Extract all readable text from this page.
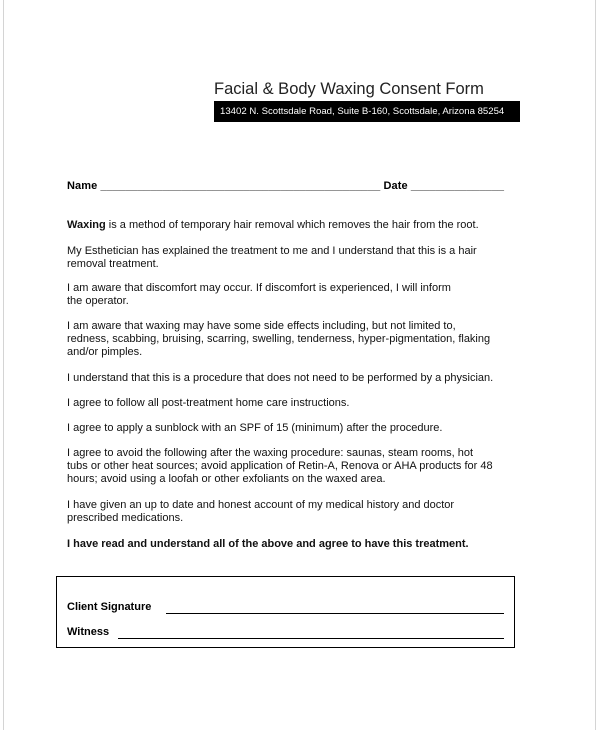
Facial & Body Waxing Consent Form
13402 N. Scottsdale Road, Suite B-160, Scottsdale, Arizona 85254
Name _____________________________________________ Date _______________
Waxing is a method of temporary hair removal which removes the hair from the root.
My Esthetician has explained the treatment to me and I understand that this is a hair
removal treatment.
I am aware that discomfort may occur. If discomfort is experienced, I will inform
the operator.
I am aware that waxing may have some side effects including, but not limited to,
redness, scabbing, bruising, scarring, swelling, tenderness, hyper-pigmentation, flaking
and/or pimples.
I understand that this is a procedure that does not need to be performed by a physician.
I agree to follow all post-treatment home care instructions.
I agree to apply a sunblock with an SPF of 15 (minimum) after the procedure.
I agree to avoid the following after the waxing procedure: saunas, steam rooms, hot
tubs or other heat sources; avoid application of Retin-A, Renova or AHA products for 48
hours; avoid using a loofah or other exfoliants on the waxed area.
I have given an up to date and honest account of my medical history and doctor
prescribed medications.
I have read and understand all of the above and agree to have this treatment.
Client Signature
Witness
